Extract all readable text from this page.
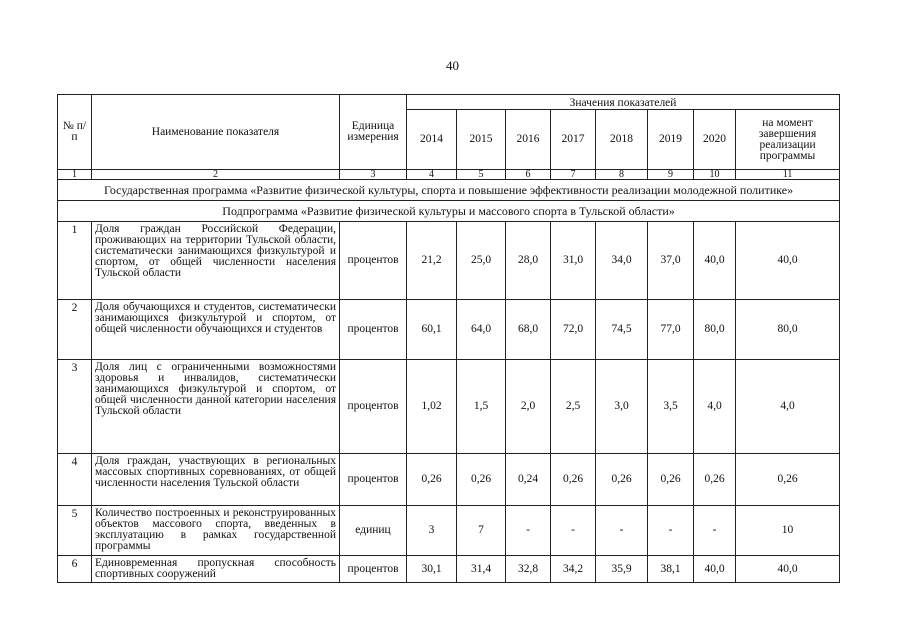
40
№ п/п	Наименование показателя	Единица измерения	Значения показателей							
			2014	2015	2016	2017	2018	2019	2020	на момент завершения реализации программы
1	2	3	4	5	6	7	8	9	10	11
Государственная программа «Развитие физической культуры, спорта и повышение эффективности реализации молодежной политике»										
Подпрограмма «Развитие физической культуры и массового спорта в Тульской области»										
1	Доля граждан Российской Федерации, проживающих на территории Тульской области, систематически занимающихся физкультурой и спортом, от общей численности населения Тульской области	процентов	21,2	25,0	28,0	31,0	34,0	37,0	40,0	40,0
2	Доля обучающихся и студентов, систематически занимающихся физкультурой и спортом, от общей численности обучающихся и студентов	процентов	60,1	64,0	68,0	72,0	74,5	77,0	80,0	80,0
3	Доля лиц с ограниченными возможностями здоровья и инвалидов, систематически занимающихся физкультурой и спортом, от общей численности данной категории населения Тульской области	процентов	1,02	1,5	2,0	2,5	3,0	3,5	4,0	4,0
4	Доля граждан, участвующих в региональных массовых спортивных соревнованиях, от общей численности населения Тульской области	процентов	0,26	0,26	0,24	0,26	0,26	0,26	0,26	0,26
5	Количество построенных и реконструированных объектов массового спорта, введенных в эксплуатацию в рамках государственной программы	единиц	3	7	-	-	-	-	-	10
6	Единовременная пропускная способность спортивных сооружений	процентов	30,1	31,4	32,8	34,2	35,9	38,1	40,0	40,0
